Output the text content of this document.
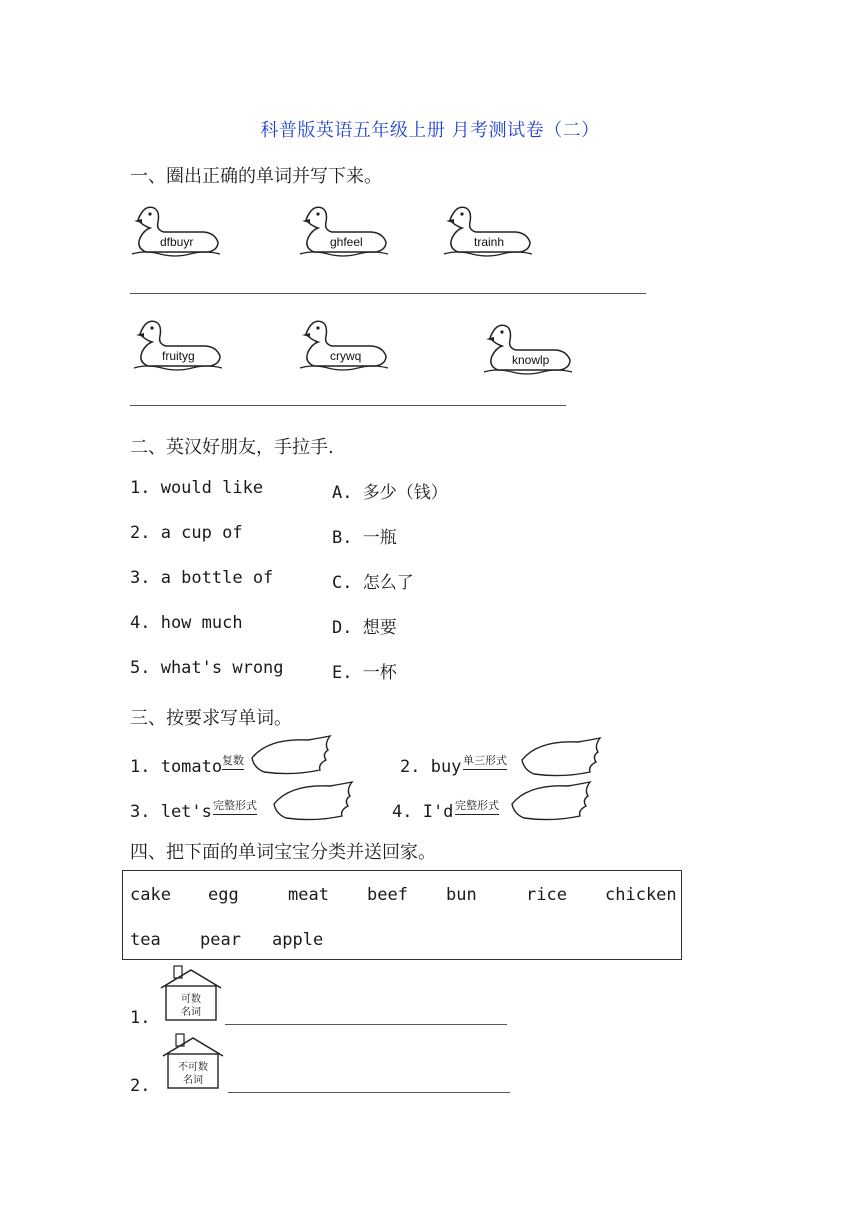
科普版英语五年级上册 月考测试卷（二）
一、圈出正确的单词并写下来。
dfbuyr	ghfeel	trainh
fruityg	crywq	knowlp
二、英汉好朋友，手拉手.
1. would like	A. 多少（钱）
2. a cup of	B. 一瓶
3. a bottle of	C. 怎么了
4. how much	D. 想要
5. what's wrong	E. 一杯
三、按要求写单词。
1. tomato 复数	2. buy 单三形式
3. let's 完整形式	4. I'd 完整形式
四、把下面的单词宝宝分类并送回家。
cake egg	meat beef bun	rice chicken
tea pear apple
1.
可数
名词
2.
不可数
名词
